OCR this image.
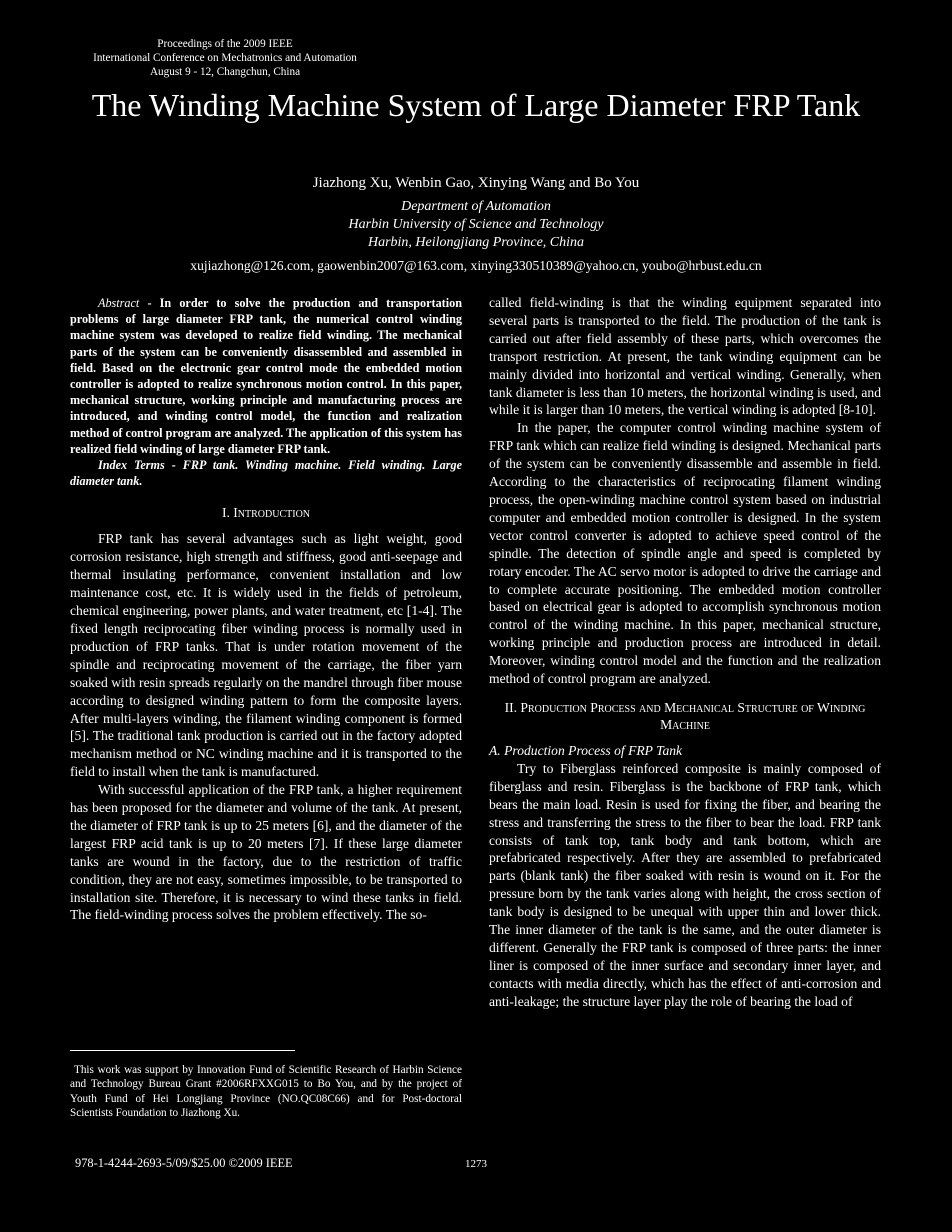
Proceedings of the 2009 IEEE
International Conference on Mechatronics and Automation
August 9 - 12, Changchun, China
The Winding Machine System of Large Diameter FRP Tank
Jiazhong Xu, Wenbin Gao, Xinying Wang and Bo You
Department of Automation
Harbin University of Science and Technology
Harbin, Heilongjiang Province, China
xujiazhong@126.com, gaowenbin2007@163.com, xinying330510389@yahoo.cn, youbo@hrbust.edu.cn

Abstract - In order to solve the production and transportation problems of large diameter FRP tank, the numerical control winding machine system was developed to realize field winding. The mechanical parts of the system can be conveniently disassembled and assembled in field. Based on the electronic gear control mode the embedded motion controller is adopted to realize synchronous motion control. In this paper, mechanical structure, working principle and manufacturing process are introduced, and winding control model, the function and realization method of control program are analyzed. The application of this system has realized field winding of large diameter FRP tank.

Index Terms - FRP tank. Winding machine. Field winding. Large diameter tank.

I. Introduction

FRP tank has several advantages such as light weight, good corrosion resistance, high strength and stiffness, good anti-seepage and thermal insulating performance, convenient installation and low maintenance cost, etc. It is widely used in the fields of petroleum, chemical engineering, power plants, and water treatment, etc [1-4]. The fixed length reciprocating fiber winding process is normally used in production of FRP tanks. That is under rotation movement of the spindle and reciprocating movement of the carriage, the fiber yarn soaked with resin spreads regularly on the mandrel through fiber mouse according to designed winding pattern to form the composite layers. After multi-layers winding, the filament winding component is formed [5]. The traditional tank production is carried out in the factory adopted mechanism method or NC winding machine and it is transported to the field to install when the tank is manufactured.

With successful application of the FRP tank, a higher requirement has been proposed for the diameter and volume of the tank. At present, the diameter of FRP tank is up to 25 meters [6], and the diameter of the largest FRP acid tank is up to 20 meters [7]. If these large diameter tanks are wound in the factory, due to the restriction of traffic condition, they are not easy, sometimes impossible, to be transported to installation site. Therefore, it is necessary to wind these tanks in field. The field-winding process solves the problem effectively. The so-

called field-winding is that the winding equipment separated into several parts is transported to the field. The production of the tank is carried out after field assembly of these parts, which overcomes the transport restriction. At present, the tank winding equipment can be mainly divided into horizontal and vertical winding. Generally, when tank diameter is less than 10 meters, the horizontal winding is used, and while it is larger than 10 meters, the vertical winding is adopted [8-10].

In the paper, the computer control winding machine system of FRP tank which can realize field winding is designed. Mechanical parts of the system can be conveniently disassemble and assemble in field. According to the characteristics of reciprocating filament winding process, the open-winding machine control system based on industrial computer and embedded motion controller is designed. In the system vector control converter is adopted to achieve speed control of the spindle. The detection of spindle angle and speed is completed by rotary encoder. The AC servo motor is adopted to drive the carriage and to complete accurate positioning. The embedded motion controller based on electrical gear is adopted to accomplish synchronous motion control of the winding machine. In this paper, mechanical structure, working principle and production process are introduced in detail. Moreover, winding control model and the function and the realization method of control program are analyzed.

II. Production Process and Mechanical Structure of Winding Machine
A. Production Process of FRP Tank

Try to Fiberglass reinforced composite is mainly composed of fiberglass and resin. Fiberglass is the backbone of FRP tank, which bears the main load. Resin is used for fixing the fiber, and bearing the stress and transferring the stress to the fiber to bear the load. FRP tank consists of tank top, tank body and tank bottom, which are prefabricated respectively. After they are assembled to prefabricated parts (blank tank) the fiber soaked with resin is wound on it. For the pressure born by the tank varies along with height, the cross section of tank body is designed to be unequal with upper thin and lower thick. The inner diameter of the tank is the same, and the outer diameter is different. Generally the FRP tank is composed of three parts: the inner liner is composed of the inner surface and secondary inner layer, and contacts with media directly, which has the effect of anti-corrosion and anti-leakage; the structure layer play the role of bearing the load of

This work was support by Innovation Fund of Scientific Research of Harbin Science and Technology Bureau Grant #2006RFXXG015 to Bo You, and by the project of Youth Fund of Hei Longjiang Province (NO.QC08C66) and for Post-doctoral Scientists Foundation to Jiazhong Xu.

978-1-4244-2693-5/09/$25.00 ©2009 IEEE	1273
